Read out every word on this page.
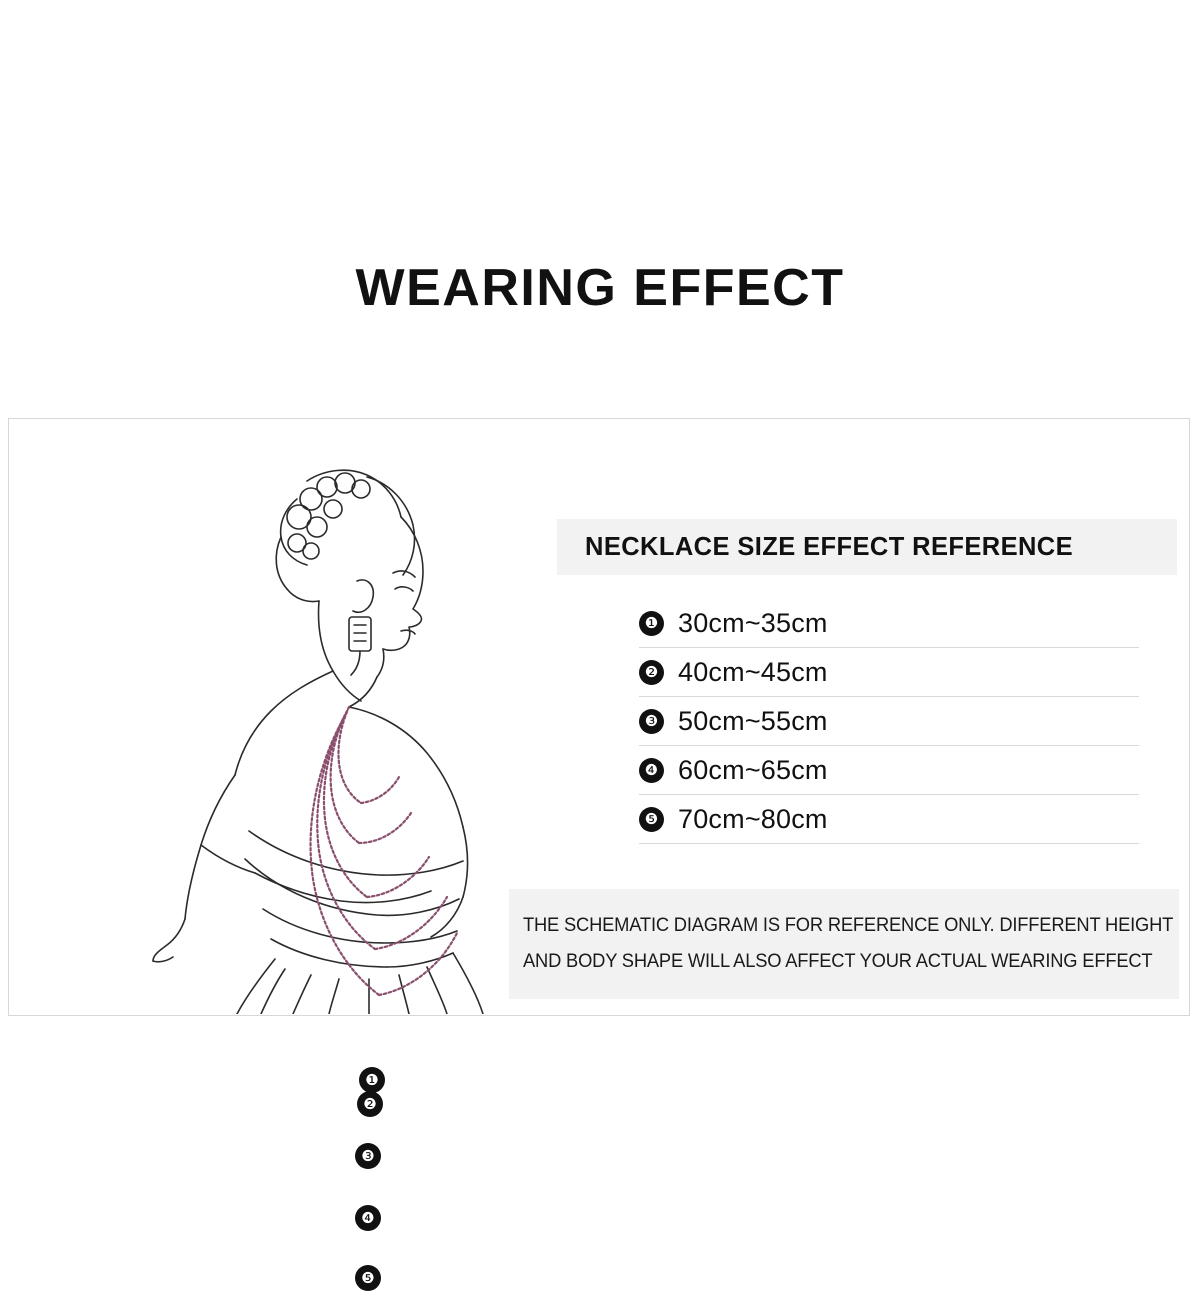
WEARING EFFECT
❶
❷
❸
❹
❺
NECKLACE SIZE EFFECT REFERENCE
❶ 30cm~35cm
❷ 40cm~45cm
❸ 50cm~55cm
❹ 60cm~65cm
❺ 70cm~80cm

THE SCHEMATIC DIAGRAM IS FOR REFERENCE ONLY. DIFFERENT HEIGHT

AND BODY SHAPE WILL ALSO AFFECT YOUR ACTUAL WEARING EFFECT
